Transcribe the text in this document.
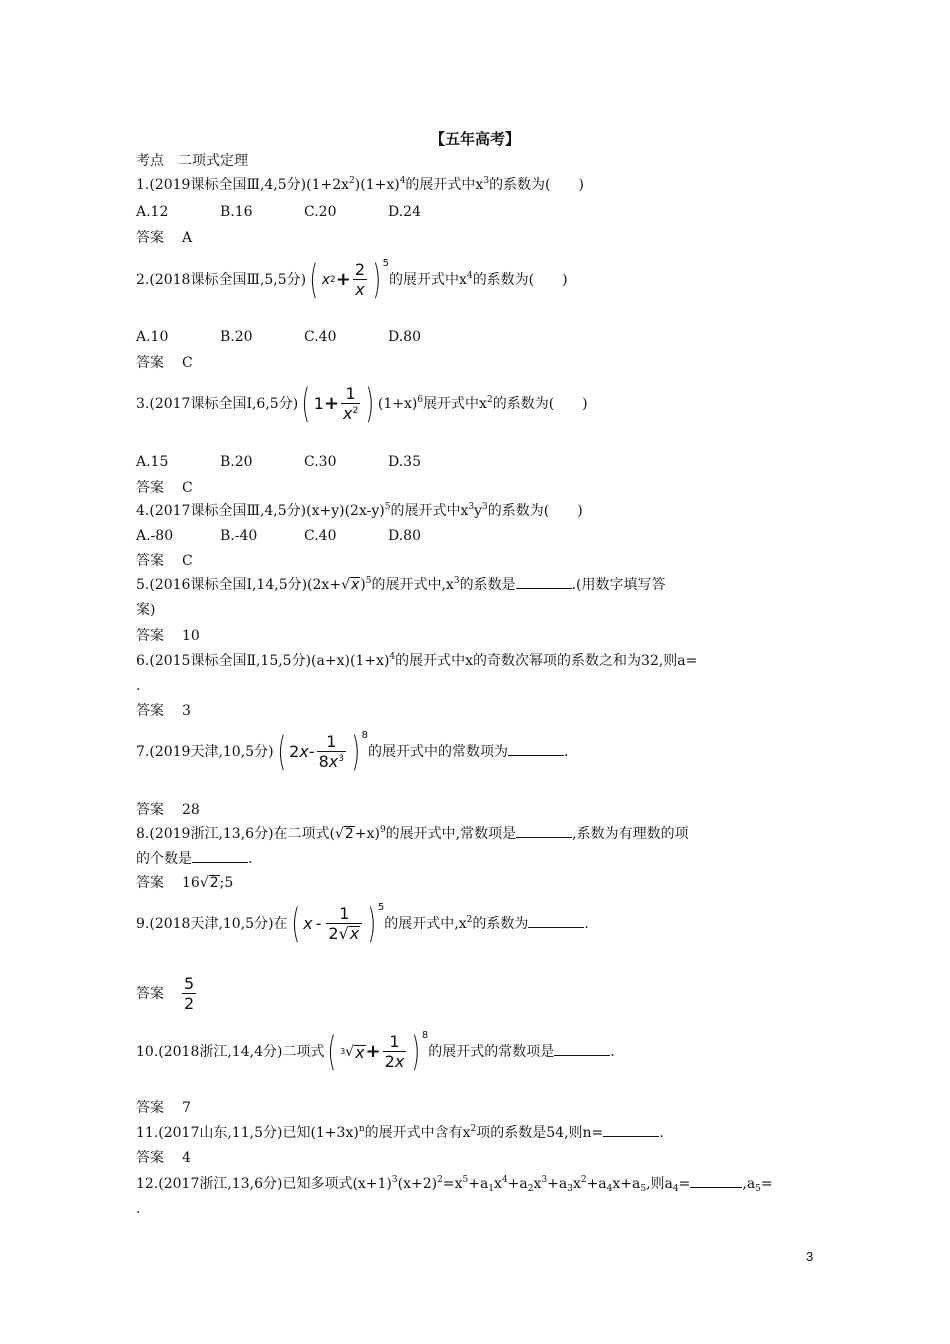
【五年高考】
考点　二项式定理
1.(2019课标全国Ⅲ,4,5分)$(1+2x^2)(1+x)^4$的展开式中$x^3$的系数为(　　)
A.12	B.16	C.20	D.24
答案 A
2.(2018课标全国Ⅲ,5,5分) ( x $2 + \frac{2}{x}$ ) 5
的展开式中$x^4$的系数为(　　)
A.10	B.20	C.40	D.80
答案 C
3.(2017课标全国Ⅰ,6,5分) ( $1 + \frac{1}{x^2}$ ) $(1+x)^6$展开式中$x^2$的系数为(　　)
A.15	B.20	C.30	D.35
答案 C
4.(2017课标全国Ⅲ,4,5分)$(x+y)(2x-y)^5$的展开式中$x^3y^3$的系数为(　　)
A.-80	B.-40	C.40	D.80
答案 C
5.(2016课标全国Ⅰ,14,5分)$(2x+√x)^5$的展开式中$,x^3$的系数是	.(用数字填写答
案)
答案 10
6.(2015课标全国Ⅱ,15,5分)$(a+x)(1+x)^4$的展开式中x的奇数次幂项的系数之和为32,则a=
.
答案 3
7.(2019天津,10,5分) ( 2 x - $\frac{1}{8x^3}$ ) 8
的展开式中的常数项为	.
答案 28
8.(2019浙江,13,6分)在二项式$(√2+x)^9$的展开式中,常数项是	,系数为有理数的项
的个数是	.
答案 16√2;5
9.(2018天津,10,5分)在 ( x - $\frac{1}{2√x}$ ) 5
的展开式中$,x^2$的系数为	.
答案 $\frac{5}{2}$
10.(2018浙江,14,4分)二项式 ( 3 √ $x + \frac{1}{2x}$ ) 8
的展开式的常数项是	.
答案 7
11.(2017山东,11,5分)已知$(1+3x)^n$的展开式中含有$x^2$项的系数是54,则n=	.
答案 4
12.(2017浙江,13,6分)已知多项式$(x+1)^3(x+2)^2=x^5+a_1x^4+a_2x^3+a_3x^2+a_4x+a_5$,则$a_4=$	$,a_5=$
.
3
